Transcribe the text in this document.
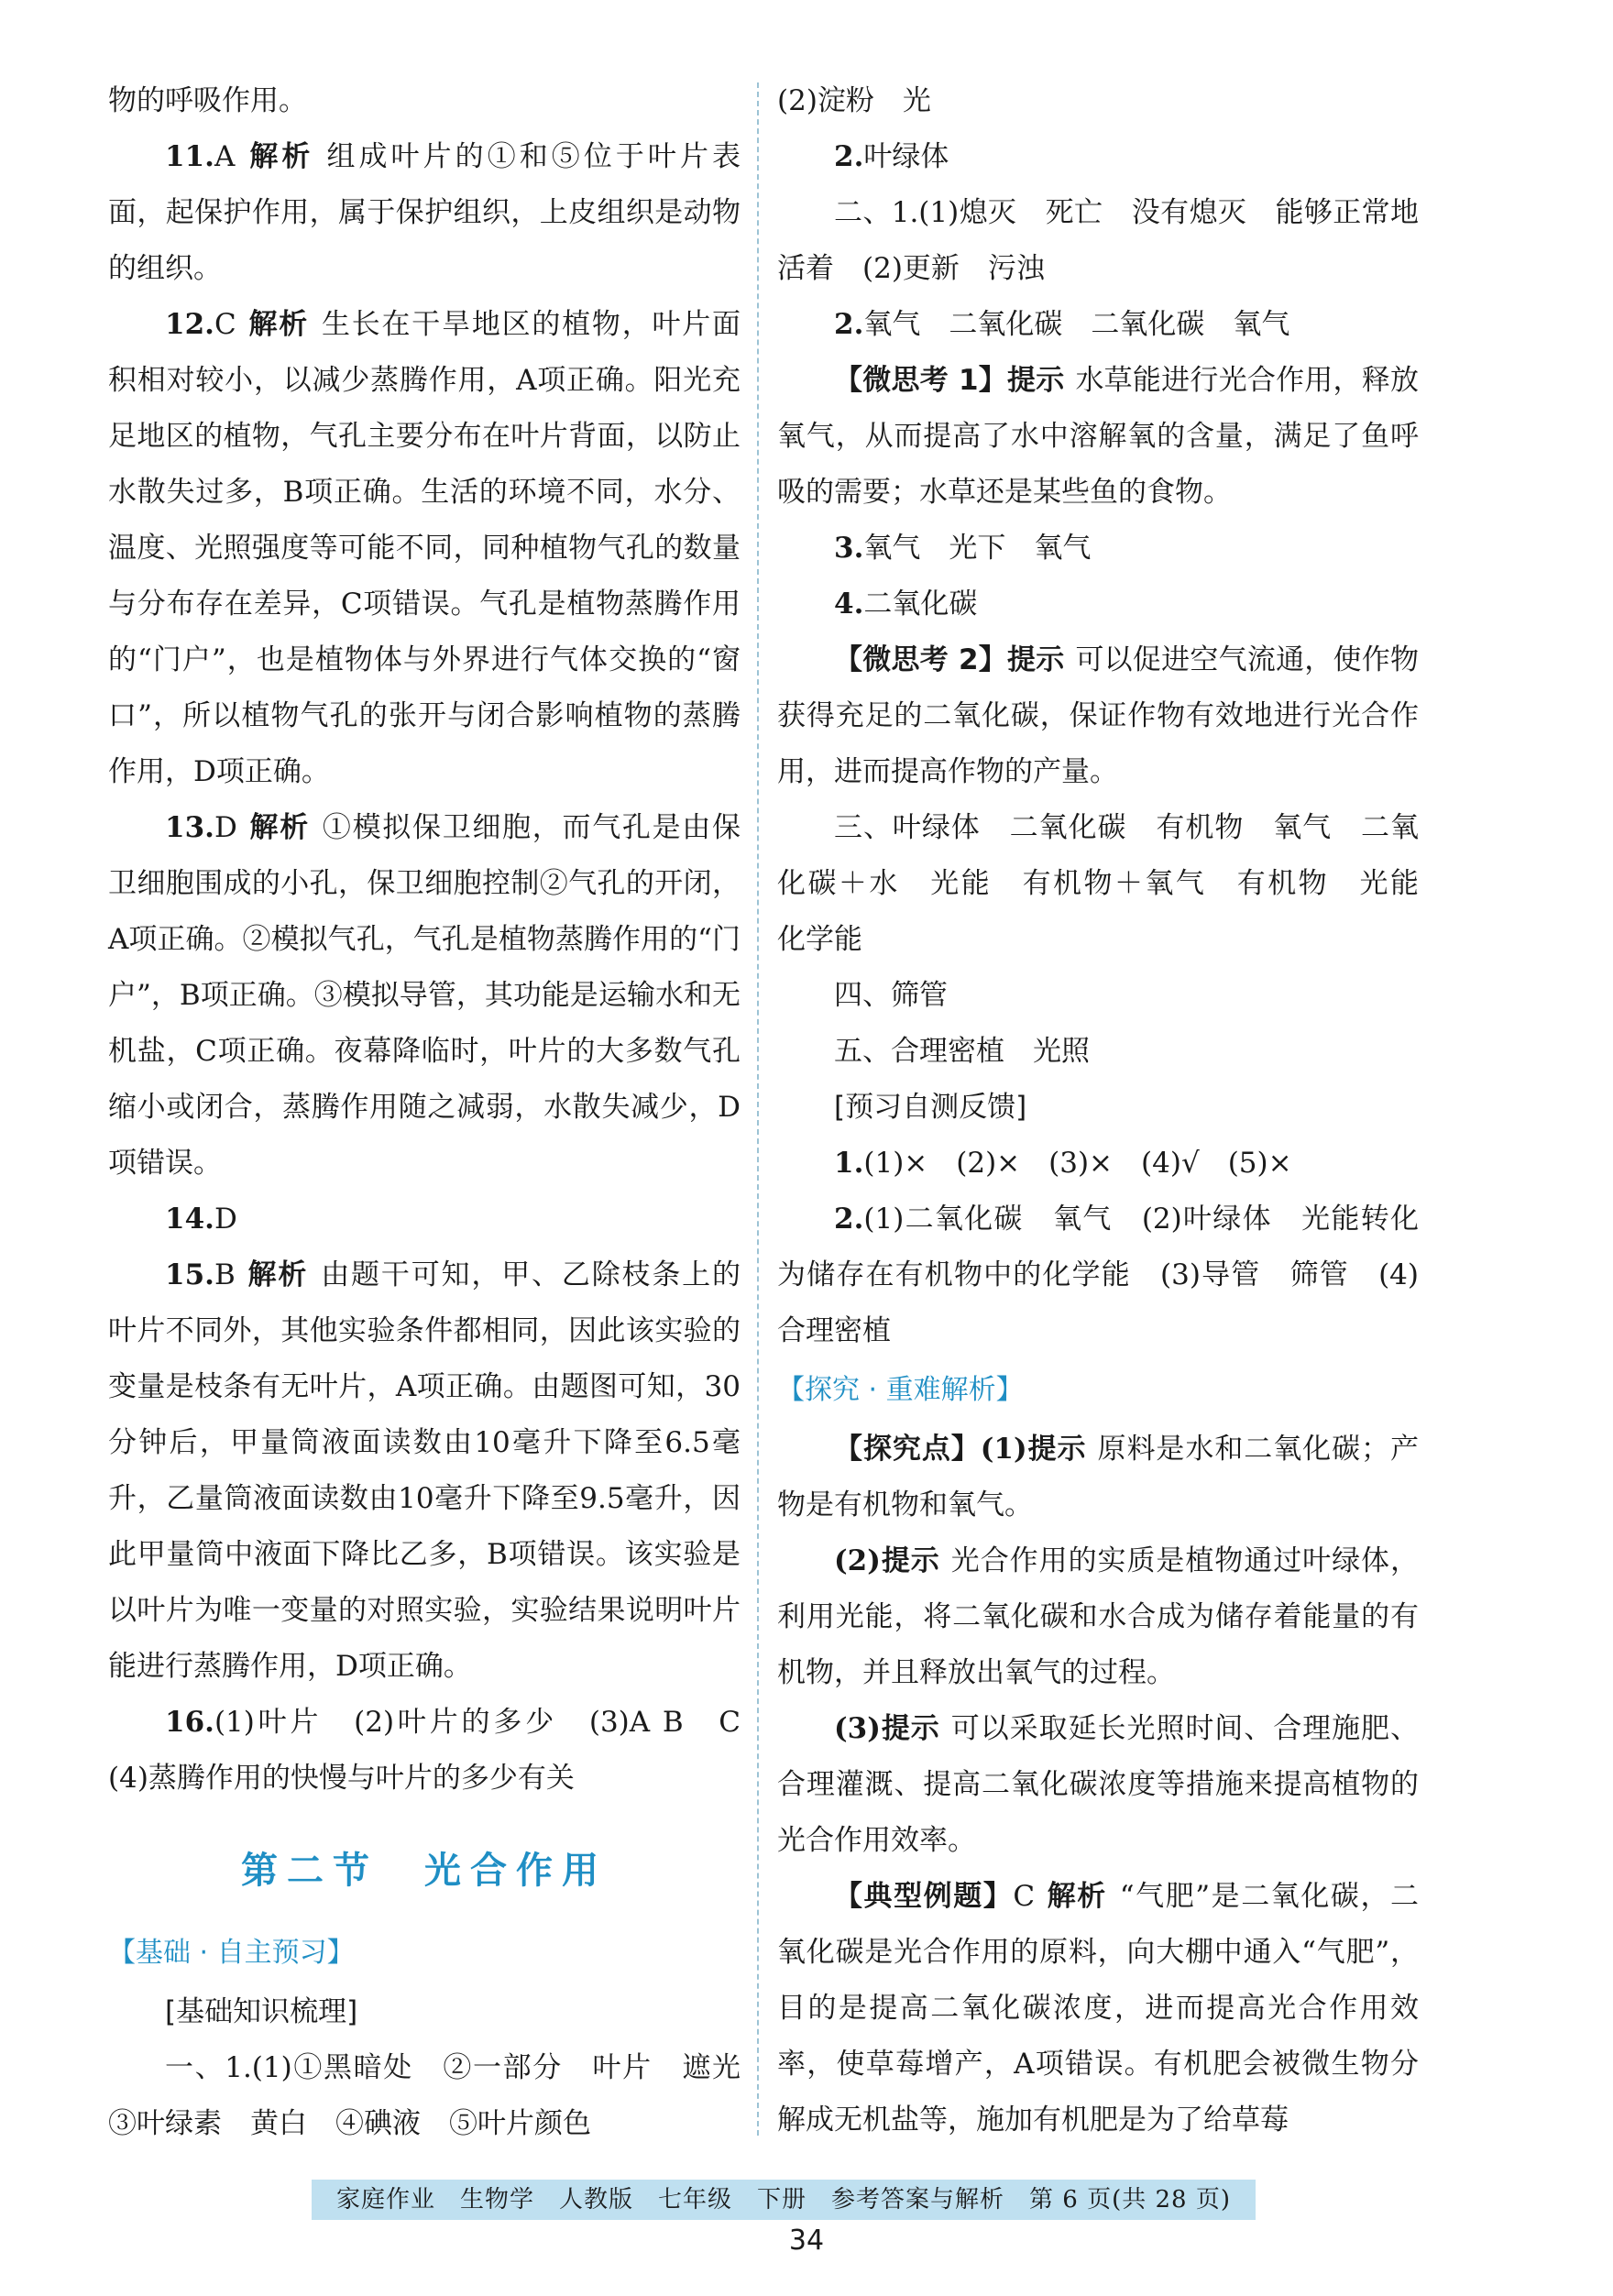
物的呼吸作用。

11.A 解析 组成叶片的①和⑤位于叶片表面，起保护作用，属于保护组织，上皮组织是动物的组织。

12.C 解析 生长在干旱地区的植物，叶片面积相对较小，以减少蒸腾作用，A项正确。阳光充足地区的植物，气孔主要分布在叶片背面，以防止水散失过多，B项正确。生活的环境不同，水分、温度、光照强度等可能不同，同种植物气孔的数量与分布存在差异，C项错误。气孔是植物蒸腾作用的“门户”，也是植物体与外界进行气体交换的“窗口”，所以植物气孔的张开与闭合影响植物的蒸腾作用，D项正确。

13.D 解析 ①模拟保卫细胞，而气孔是由保卫细胞围成的小孔，保卫细胞控制②气孔的开闭，A项正确。②模拟气孔，气孔是植物蒸腾作用的“门户”，B项正确。③模拟导管，其功能是运输水和无机盐，C项正确。夜幕降临时，叶片的大多数气孔缩小或闭合，蒸腾作用随之减弱，水散失减少，D项错误。

14.D

15.B 解析 由题干可知，甲、乙除枝条上的叶片不同外，其他实验条件都相同，因此该实验的变量是枝条有无叶片，A项正确。由题图可知，30分钟后，甲量筒液面读数由10毫升下降至6.5毫升，乙量筒液面读数由10毫升下降至9.5毫升，因此甲量筒中液面下降比乙多，B项错误。该实验是以叶片为唯一变量的对照实验，实验结果说明叶片能进行蒸腾作用，D项正确。

16.(1)叶片　(2)叶片的多少　(3)A B　C　(4)蒸腾作用的快慢与叶片的多少有关

第二节 光合作用
【基础 · 自主预习】

[基础知识梳理]

一、1.(1)①黑暗处　②一部分　叶片　遮光　③叶绿素　黄白　④碘液　⑤叶片颜色

(2)淀粉　光

2.叶绿体

二、1.(1)熄灭　死亡　没有熄灭　能够正常地活着　(2)更新　污浊

2.氧气　二氧化碳　二氧化碳　氧气

【微思考 1】提示 水草能进行光合作用，释放氧气，从而提高了水中溶解氧的含量，满足了鱼呼吸的需要；水草还是某些鱼的食物。

3.氧气　光下　氧气

4.二氧化碳

【微思考 2】提示 可以促进空气流通，使作物获得充足的二氧化碳，保证作物有效地进行光合作用，进而提高作物的产量。

三、叶绿体　二氧化碳　有机物　氧气　二氧化碳＋水　光能　有机物＋氧气　有机物　光能　化学能

四、筛管

五、合理密植　光照

[预习自测反馈]

1.(1)×　(2)×　(3)×　(4)√　(5)×

2.(1)二氧化碳　氧气　(2)叶绿体　光能转化为储存在有机物中的化学能　(3)导管　筛管　(4)合理密植

【探究 · 重难解析】

【探究点】(1)提示 原料是水和二氧化碳；产物是有机物和氧气。

(2)提示 光合作用的实质是植物通过叶绿体，利用光能，将二氧化碳和水合成为储存着能量的有机物，并且释放出氧气的过程。

(3)提示 可以采取延长光照时间、合理施肥、合理灌溉、提高二氧化碳浓度等措施来提高植物的光合作用效率。

【典型例题】C 解析 “气肥”是二氧化碳，二氧化碳是光合作用的原料，向大棚中通入“气肥”，目的是提高二氧化碳浓度，进而提高光合作用效率，使草莓增产，A项错误。有机肥会被微生物分解成无机盐等，施加有机肥是为了给草莓

家庭作业　生物学　人教版　七年级　下册　参考答案与解析　第 6 页(共 28 页)
34
